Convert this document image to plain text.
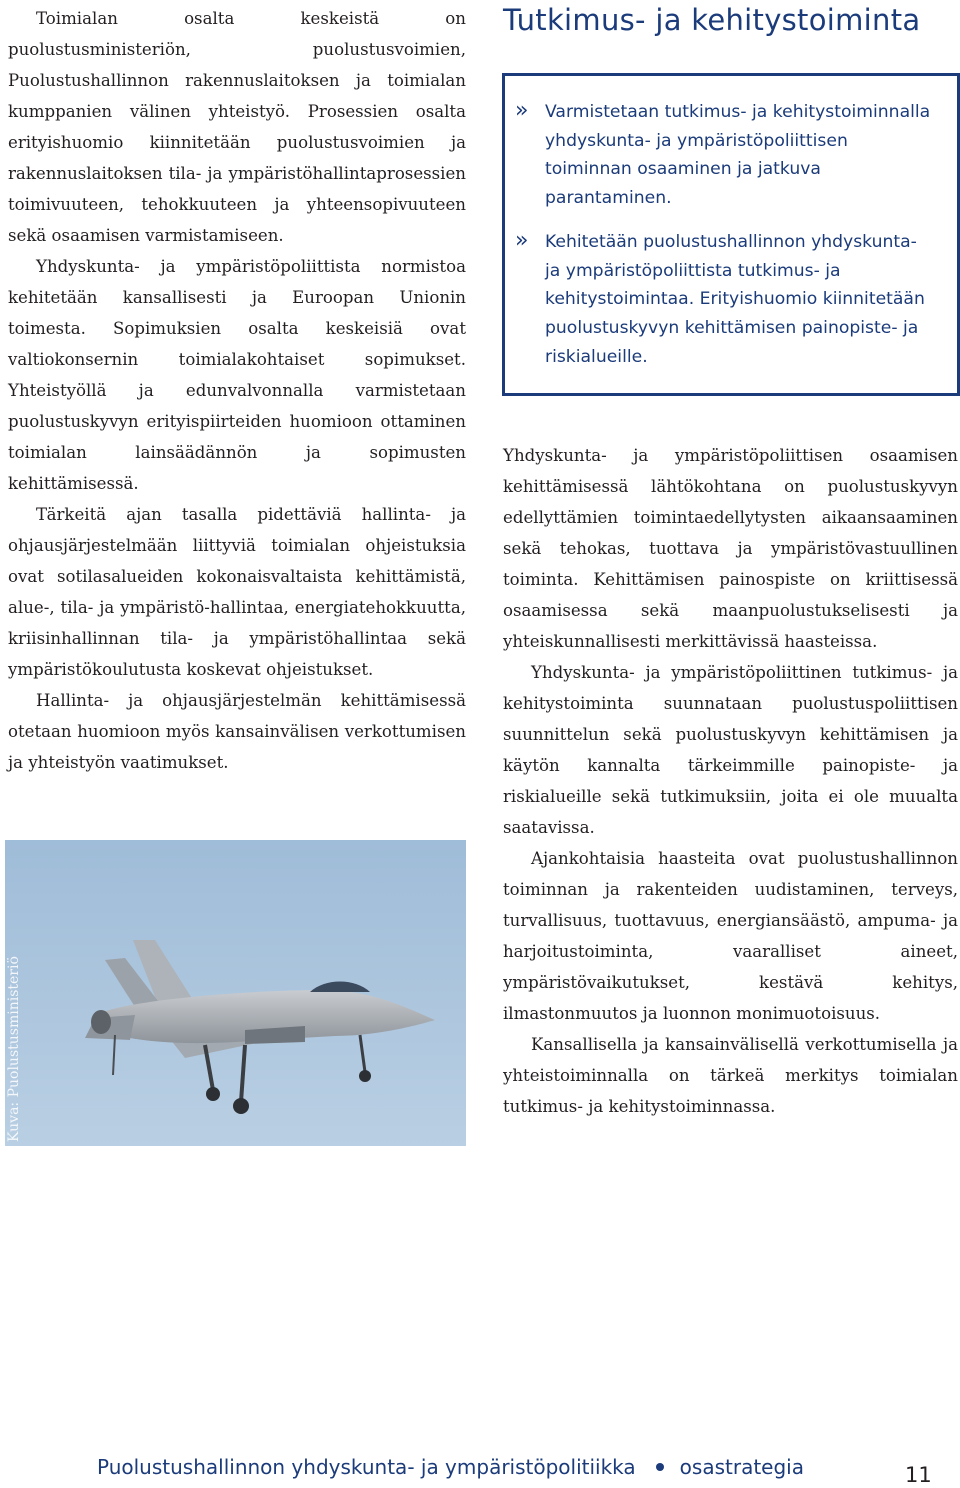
Toimialan osalta keskeistä on puolustusministeriön, puolustusvoimien, Puolustushallinnon rakennuslaitoksen ja toimialan kumppanien välinen yhteistyö. Prosessien osalta erityishuomio kiinnitetään puolustusvoimien ja rakennuslaitoksen tila- ja ympäristöhallintaprosessien toimivuuteen, tehokkuuteen ja yhteensopivuuteen sekä osaamisen varmistamiseen.

Yhdyskunta- ja ympäristöpoliittista normistoa kehitetään kansallisesti ja Euroopan Unionin toimesta. Sopimuksien osalta keskeisiä ovat valtiokonsernin toimialakohtaiset sopimukset. Yhteistyöllä ja edunvalvonnalla varmistetaan puolustuskyvyn erityispiirteiden huomioon ottaminen toimialan lainsäädännön ja sopimusten kehittämisessä.

Tärkeitä ajan tasalla pidettäviä hallinta- ja ohjausjärjestelmään liittyviä toimialan ohjeistuksia ovat sotilasalueiden kokonaisvaltaista kehittämistä, alue-, tila- ja ympäristö-hallintaa, energiatehokkuutta, kriisinhallinnan tila- ja ympäristöhallintaa sekä ympäristökoulutusta koskevat ohjeistukset.

Hallinta- ja ohjausjärjestelmän kehittämisessä otetaan huomioon myös kansainvälisen verkottumisen ja yhteistyön vaatimukset.

Kuva: Puolustusministeriö
Tutkimus- ja kehitystoiminta
» Varmistetaan tutkimus- ja kehitystoiminnalla yhdyskunta- ja ympäristöpoliittisen toiminnan osaaminen ja jatkuva parantaminen.
» Kehitetään puolustushallinnon yhdyskunta- ja ympäristöpoliittista tutkimus- ja kehitystoimintaa. Erityishuomio kiinnitetään puolustuskyvyn kehittämisen painopiste- ja riskialueille.

Yhdyskunta- ja ympäristöpoliittisen osaamisen kehittämisessä lähtökohtana on puolustuskyvyn edellyttämien toimintaedellytysten aikaansaaminen sekä tehokas, tuottava ja ympäristövastuullinen toiminta. Kehittämisen painospiste on kriittisessä osaamisessa sekä maanpuolustukselisesti ja yhteiskunnallisesti merkittävissä haasteissa.

Yhdyskunta- ja ympäristöpoliittinen tutkimus- ja kehitystoiminta suunnataan puolustuspoliittisen suunnittelun sekä puolustuskyvyn kehittämisen ja käytön kannalta tärkeimmille painopiste- ja riskialueille sekä tutkimuksiin, joita ei ole muualta saatavissa.

Ajankohtaisia haasteita ovat puolustushallinnon toiminnan ja rakenteiden uudistaminen, terveys, turvallisuus, tuottavuus, energiansäästö, ampuma- ja harjoitustoiminta, vaaralliset aineet, ympäristövaikutukset, kestävä kehitys, ilmastonmuutos ja luonnon monimuotoisuus.

Kansallisella ja kansainvälisellä verkottumisella ja yhteistoiminnalla on tärkeä merkitys toimialan tutkimus- ja kehitystoiminnassa.

Puolustushallinnon yhdyskunta- ja ympäristöpolitiikka osastrategia	11
